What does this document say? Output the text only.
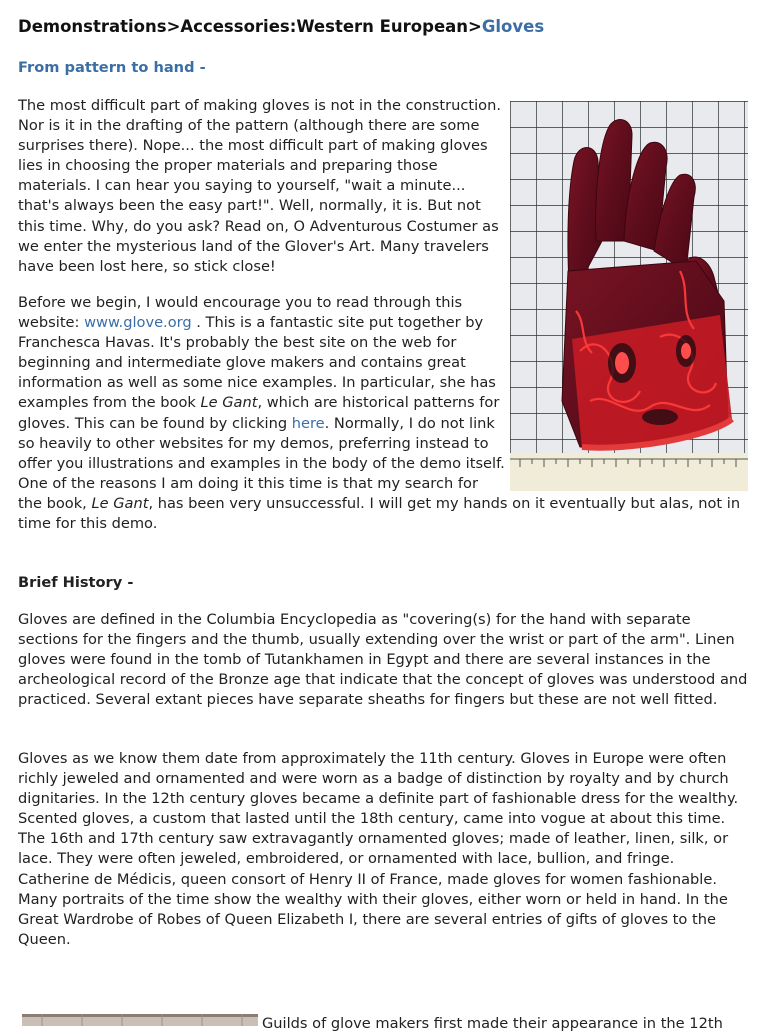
Demonstrations>Accessories:Western European>Gloves
From pattern to hand -

The most difficult part of making gloves is not in the construction. Nor is it in the drafting of the pattern (although there are some surprises there). Nope... the most difficult part of making gloves lies in choosing the proper materials and preparing those materials. I can hear you saying to yourself, "wait a minute... that's always been the easy part!". Well, normally, it is. But not this time. Why, do you ask? Read on, O Adventurous Costumer as we enter the mysterious land of the Glover's Art. Many travelers have been lost here, so stick close!

Before we begin, I would encourage you to read through this website: www.glove.org . This is a fantastic site put together by Franchesca Havas. It's probably the best site on the web for beginning and intermediate glove makers and contains great information as well as some nice examples. In particular, she has examples from the book Le Gant, which are historical patterns for gloves. This can be found by clicking here. Normally, I do not link so heavily to other websites for my demos, preferring instead to offer you illustrations and examples in the body of the demo itself. One of the reasons I am doing it this time is that my search for the book, Le Gant, has been very unsuccessful. I will get my hands on it eventually but alas, not in time for this demo.

Brief History -

Gloves are defined in the Columbia Encyclopedia as "covering(s) for the hand with separate sections for the fingers and the thumb, usually extending over the wrist or part of the arm". Linen gloves were found in the tomb of Tutankhamen in Egypt and there are several instances in the archeological record of the Bronze age that indicate that the concept of gloves was understood and practiced. Several extant pieces have separate sheaths for fingers but these are not well fitted.

Gloves as we know them date from approximately the 11th century. Gloves in Europe were often richly jeweled and ornamented and were worn as a badge of distinction by royalty and by church dignitaries. In the 12th century gloves became a definite part of fashionable dress for the wealthy. Scented gloves, a custom that lasted until the 18th century, came into vogue at about this time. The 16th and 17th century saw extravagantly ornamented gloves; made of leather, linen, silk, or lace. They were often jeweled, embroidered, or ornamented with lace, bullion, and fringe. Catherine de Médicis, queen consort of Henry II of France, made gloves for women fashionable. Many portraits of the time show the wealthy with their gloves, either worn or held in hand. In the Great Wardrobe of Robes of Queen Elizabeth I, there are several entries of gifts of gloves to the Queen.

Guilds of glove makers first made their appearance in the 12th
